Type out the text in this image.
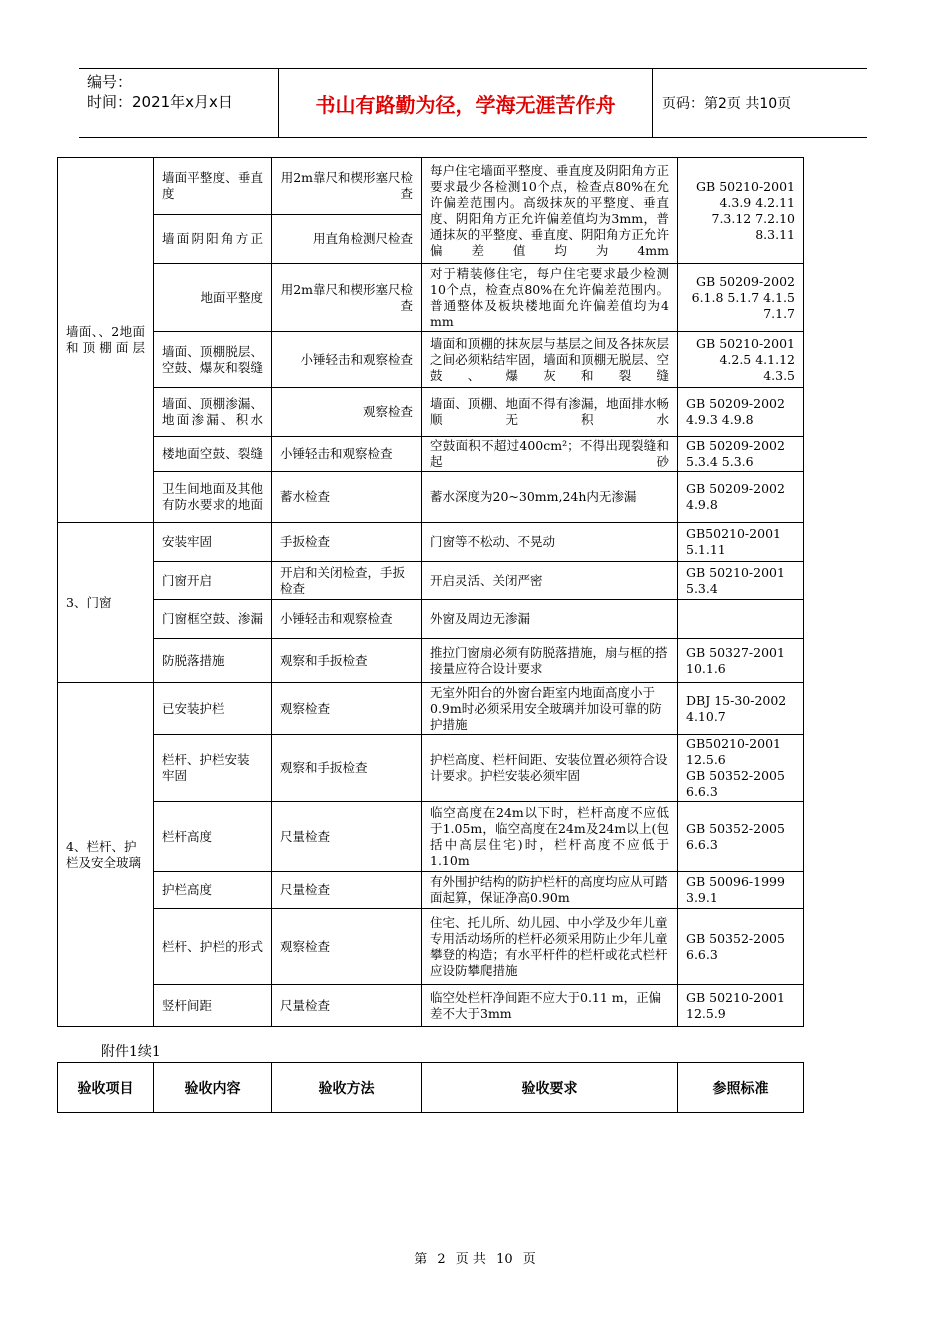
编号：
时间：2021年x月x日	书山有路勤为径，学海无涯苦作舟	页码：第2页 共10页
墙面、、2地面和顶棚面层	墙面平整度、垂直度	用2m靠尺和楔形塞尺检查	每户住宅墙面平整度、垂直度及阴阳角方正要求最少各检测10个点，检查点80%在允许偏差范围内。高级抹灰的平整度、垂直度、阴阳角方正允许偏差值均为3mm，普通抹灰的平整度、垂直度、阴阳角方正允许偏差值均为4mm	GB 50210-2001
4.3.9 4.2.11
7.3.12 7.2.10
8.3.11
	墙面阴阳角方正	用直角检测尺检查		
	地面平整度	用2m靠尺和楔形塞尺检查	对于精装修住宅，每户住宅要求最少检测10个点，检查点80%在允许偏差范围内。普通整体及板块楼地面允许偏差值均为4 mm	GB 50209-2002
6.1.8 5.1.7 4.1.5
7.1.7
	墙面、顶棚脱层、空鼓、爆灰和裂缝	小锤轻击和观察检查	墙面和顶棚的抹灰层与基层之间及各抹灰层之间必须粘结牢固，墙面和顶棚无脱层、空鼓、爆灰和裂缝	GB 50210-2001
4.2.5 4.1.12
4.3.5
	墙面、顶棚渗漏、地面渗漏、积水	观察检查	墙面、顶棚、地面不得有渗漏，地面排水畅顺无积水	GB 50209-2002
4.9.3 4.9.8
	楼地面空鼓、裂缝	小锤轻击和观察检查	空鼓面积不超过400cm²；不得出现裂缝和起砂	GB 50209-2002
5.3.4 5.3.6
	卫生间地面及其他有防水要求的地面	蓄水检查	蓄水深度为20~30mm,24h内无渗漏	GB 50209-2002
4.9.8
3、门窗	安装牢固	手扳检查	门窗等不松动、不晃动	GB50210-2001
5.1.11
	门窗开启	开启和关闭检查，手扳检查	开启灵活、关闭严密	GB 50210-2001
5.3.4
	门窗框空鼓、渗漏	小锤轻击和观察检查	外窗及周边无渗漏	
	防脱落措施	观察和手扳检查	推拉门窗扇必须有防脱落措施，扇与框的搭接量应符合设计要求	GB 50327-2001
10.1.6
4、栏杆、护栏及安全玻璃	已安装护栏	观察检查	无室外阳台的外窗台距室内地面高度小于0.9m时必须采用安全玻璃并加设可靠的防护措施	DBJ 15-30-2002
4.10.7
	栏杆、护栏安装 牢固	观察和手扳检查	护栏高度、栏杆间距、安装位置必须符合设计要求。护栏安装必须牢固	GB50210-2001
12.5.6
GB 50352-2005
6.6.3
	栏杆高度	尺量检查	临空高度在24m以下时，栏杆高度不应低于1.05m，临空高度在24m及24m以上(包括中高层住宅)时，栏杆高度不应低于1.10m	GB 50352-2005
6.6.3
	护栏高度	尺量检查	有外围护结构的防护栏杆的高度均应从可踏面起算，保证净高0.90m	GB 50096-1999
3.9.1
	栏杆、护栏的形式	观察检查	住宅、托儿所、幼儿园、中小学及少年儿童专用活动场所的栏杆必须采用防止少年儿童攀登的构造；有水平杆件的栏杆或花式栏杆应设防攀爬措施	GB 50352-2005
6.6.3
	竖杆间距	尺量检查	临空处栏杆净间距不应大于0.11 m，正偏差不大于3mm	GB 50210-2001
12.5.9
附件1续1
验收项目	验收内容	验收方法	验收要求	参照标准
第 2 页 共 10 页
